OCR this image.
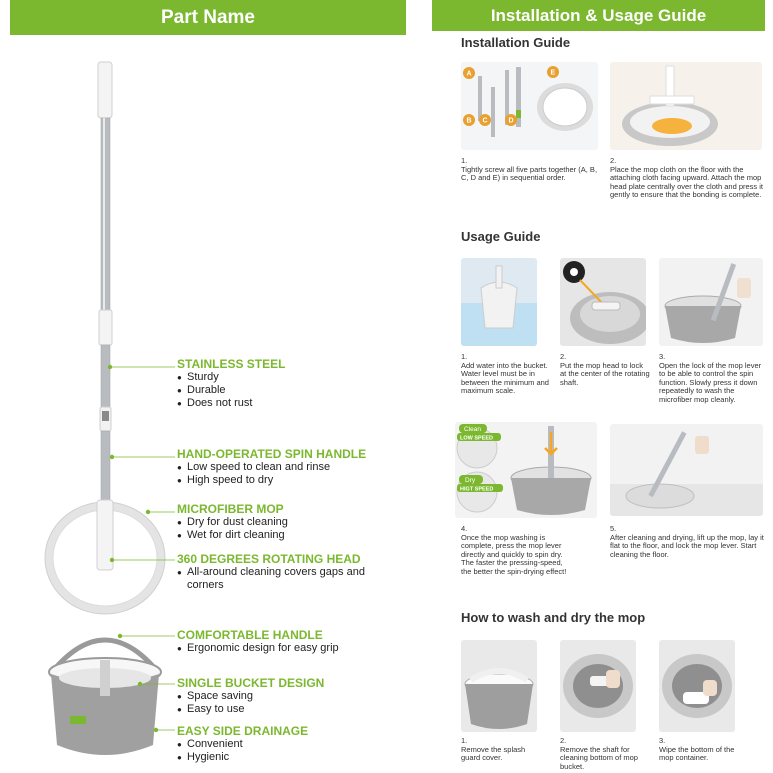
Part Name
STAINLESS STEEL
● Sturdy
● Durable
● Does not rust
HAND-OPERATED SPIN HANDLE
● Low speed to clean and rinse
● High speed to dry
MICROFIBER MOP
● Dry for dust cleaning
● Wet for dirt cleaning
360 DEGREES ROTATING HEAD
● All-around cleaning covers gaps and corners
COMFORTABLE HANDLE
● Ergonomic design for easy grip
SINGLE BUCKET DESIGN
● Space saving
● Easy to use
EASY SIDE DRAINAGE
● Convenient
● Hygienic
Installation & Usage Guide
Installation Guide
A
B C	D
E
1.
Tightly screw all five parts together (A, B, C, D and E) in sequential order.
2.
Place the mop cloth on the floor with the attaching cloth facing upward. Attach the mop head plate centrally over the cloth and press it gently to ensure that the bonding is complete.
Usage Guide
1.
Add water into the bucket. Water level must be in between the minimum and maximum scale.
2.
Put the mop head to lock at the center of the rotating shaft.
3.
Open the lock of the mop lever to be able to control the spin function. Slowly press it down repeatedly to wash the microfiber mop cleanly.
Clean
LOW SPEED
Dry
HIGT SPEED
4.
Once the mop washing is complete, press the mop lever directly and quickly to spin dry. The faster the pressing-speed, the better the spin-drying effect!
5.
After cleaning and drying, lift up the mop, lay it flat to the floor, and lock the mop lever. Start cleaning the floor.
How to wash and dry the mop
1.
Remove the splash guard cover.
2.
Remove the shaft for cleaning bottom of mop bucket.
3.
Wipe the bottom of the mop container.
